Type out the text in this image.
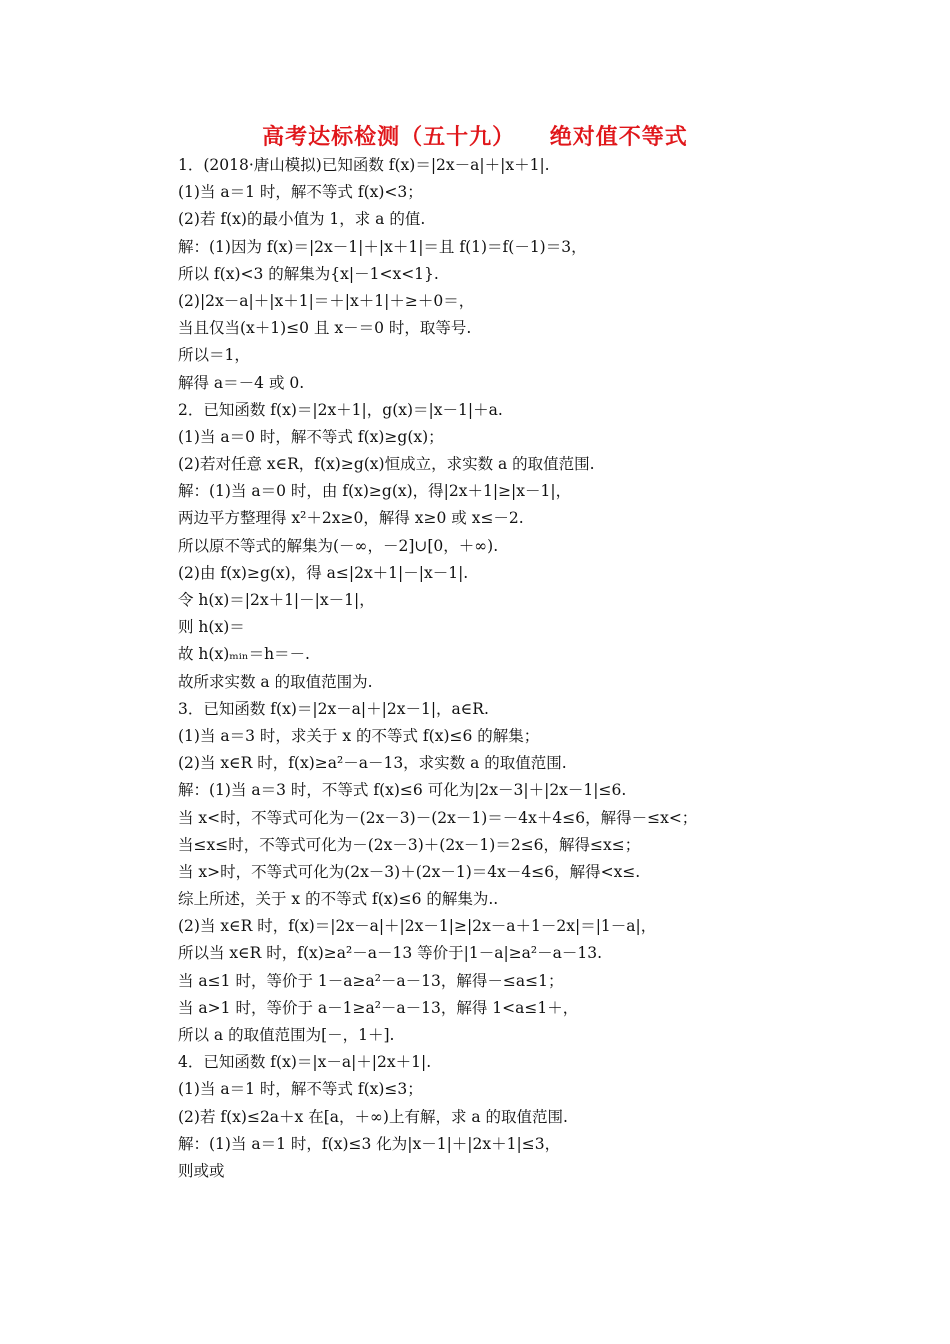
高考达标检测（五十九）    绝对值不等式
1．(2018·唐山模拟)已知函数 f(x)＝|2x－a|＋|x＋1|.
(1)当 a＝1 时，解不等式 f(x)<3；
(2)若 f(x)的最小值为 1，求 a 的值.
解：(1)因为 f(x)＝|2x－1|＋|x＋1|＝且 f(1)＝f(－1)＝3，
所以 f(x)<3 的解集为{x|－1<x<1}.
(2)|2x－a|＋|x＋1|＝＋|x＋1|＋≥＋0＝，
当且仅当(x＋1)≤0 且 x－＝0 时，取等号.
所以＝1，
解得 a＝－4 或 0.
2．已知函数 f(x)＝|2x＋1|，g(x)＝|x－1|＋a.
(1)当 a＝0 时，解不等式 f(x)≥g(x)；
(2)若对任意 x∈R，f(x)≥g(x)恒成立，求实数 a 的取值范围.
解：(1)当 a＝0 时，由 f(x)≥g(x)，得|2x＋1|≥|x－1|，
两边平方整理得 x²＋2x≥0，解得 x≥0 或 x≤－2.
所以原不等式的解集为(－∞，－2]∪[0，＋∞).
(2)由 f(x)≥g(x)，得 a≤|2x＋1|－|x－1|.
令 h(x)＝|2x＋1|－|x－1|，
则 h(x)＝
故 h(x)ₘᵢₙ＝h＝－.
故所求实数 a 的取值范围为.
3．已知函数 f(x)＝|2x－a|＋|2x－1|，a∈R.
(1)当 a＝3 时，求关于 x 的不等式 f(x)≤6 的解集；
(2)当 x∈R 时，f(x)≥a²－a－13，求实数 a 的取值范围.
解：(1)当 a＝3 时，不等式 f(x)≤6 可化为|2x－3|＋|2x－1|≤6.
当 x<时，不等式可化为－(2x－3)－(2x－1)＝－4x＋4≤6，解得－≤x<；
当≤x≤时，不等式可化为－(2x－3)＋(2x－1)＝2≤6，解得≤x≤；
当 x>时，不等式可化为(2x－3)＋(2x－1)＝4x－4≤6，解得<x≤.
综上所述，关于 x 的不等式 f(x)≤6 的解集为..
(2)当 x∈R 时，f(x)＝|2x－a|＋|2x－1|≥|2x－a＋1－2x|＝|1－a|，
所以当 x∈R 时，f(x)≥a²－a－13 等价于|1－a|≥a²－a－13.
当 a≤1 时，等价于 1－a≥a²－a－13，解得－≤a≤1；
当 a>1 时，等价于 a－1≥a²－a－13，解得 1<a≤1＋，
所以 a 的取值范围为[－，1＋].
4．已知函数 f(x)＝|x－a|＋|2x＋1|.
(1)当 a＝1 时，解不等式 f(x)≤3；
(2)若 f(x)≤2a＋x 在[a，＋∞)上有解，求 a 的取值范围.
解：(1)当 a＝1 时，f(x)≤3 化为|x－1|＋|2x＋1|≤3，
则或或
